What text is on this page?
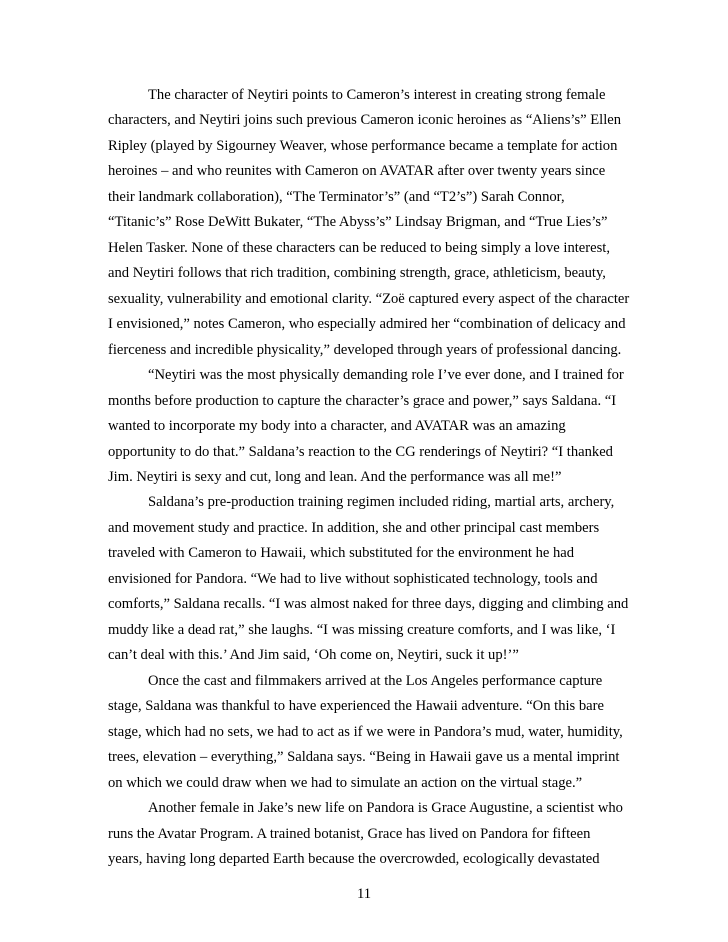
The character of Neytiri points to Cameron’s interest in creating strong female
characters, and Neytiri joins such previous Cameron iconic heroines as “Aliens’s” Ellen
Ripley (played by Sigourney Weaver, whose performance became a template for action
heroines – and who reunites with Cameron on AVATAR after over twenty years since
their landmark collaboration), “The Terminator’s” (and “T2’s”) Sarah Connor,
“Titanic’s” Rose DeWitt Bukater, “The Abyss’s” Lindsay Brigman, and “True Lies’s”
Helen Tasker. None of these characters can be reduced to being simply a love interest,
and Neytiri follows that rich tradition, combining strength, grace, athleticism, beauty,
sexuality, vulnerability and emotional clarity. “Zoë captured every aspect of the character
I envisioned,” notes Cameron, who especially admired her “combination of delicacy and
fierceness and incredible physicality,” developed through years of professional dancing.
“Neytiri was the most physically demanding role I’ve ever done, and I trained for
months before production to capture the character’s grace and power,” says Saldana. “I
wanted to incorporate my body into a character, and AVATAR was an amazing
opportunity to do that.” Saldana’s reaction to the CG renderings of Neytiri? “I thanked
Jim. Neytiri is sexy and cut, long and lean. And the performance was all me!”
Saldana’s pre-production training regimen included riding, martial arts, archery,
and movement study and practice. In addition, she and other principal cast members
traveled with Cameron to Hawaii, which substituted for the environment he had
envisioned for Pandora. “We had to live without sophisticated technology, tools and
comforts,” Saldana recalls. “I was almost naked for three days, digging and climbing and
muddy like a dead rat,” she laughs. “I was missing creature comforts, and I was like, ‘I
can’t deal with this.’ And Jim said, ‘Oh come on, Neytiri, suck it up!’”
Once the cast and filmmakers arrived at the Los Angeles performance capture
stage, Saldana was thankful to have experienced the Hawaii adventure. “On this bare
stage, which had no sets, we had to act as if we were in Pandora’s mud, water, humidity,
trees, elevation – everything,” Saldana says. “Being in Hawaii gave us a mental imprint
on which we could draw when we had to simulate an action on the virtual stage.”
Another female in Jake’s new life on Pandora is Grace Augustine, a scientist who
runs the Avatar Program. A trained botanist, Grace has lived on Pandora for fifteen
years, having long departed Earth because the overcrowded, ecologically devastated
11
